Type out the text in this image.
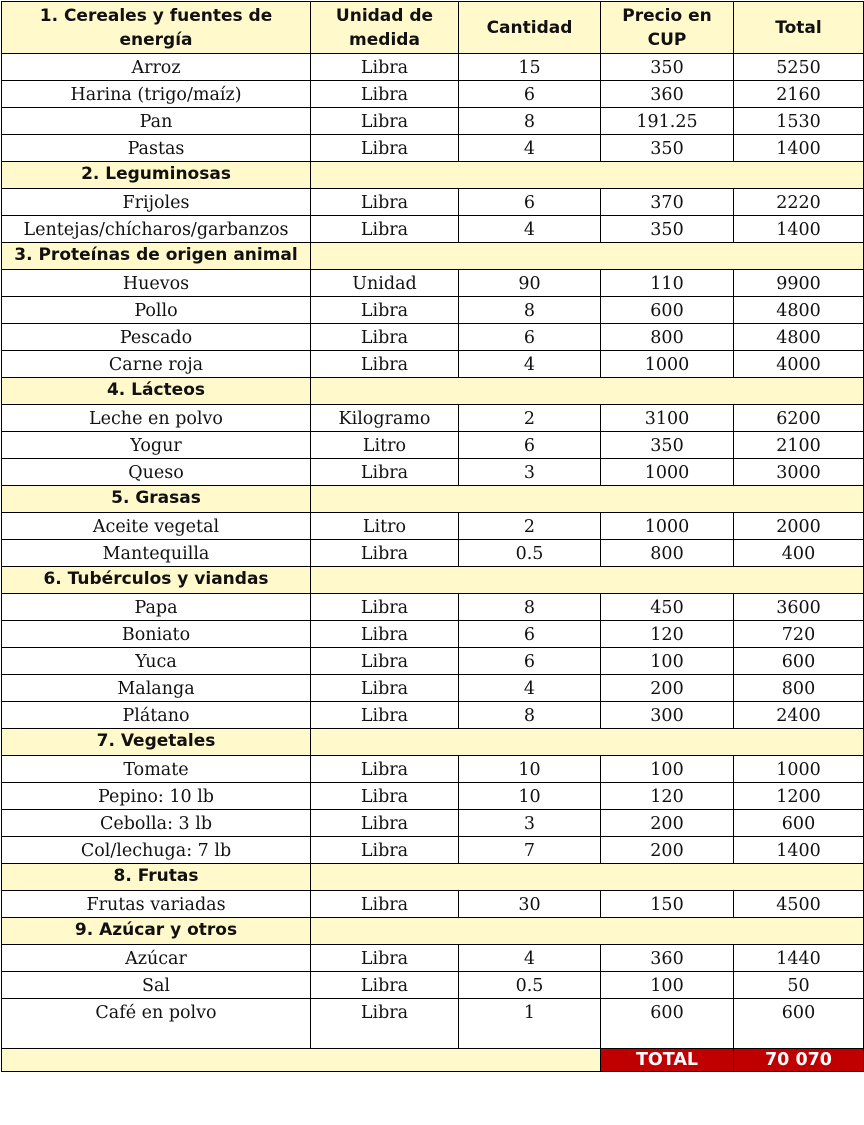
1. Cereales y fuentes de energía	Unidad de medida	Cantidad	Precio en CUP	Total
Arroz	Libra	15	350	5250
Harina (trigo/maíz)	Libra	6	360	2160
Pan	Libra	8	191.25	1530
Pastas	Libra	4	350	1400
2. Leguminosas				
Frijoles	Libra	6	370	2220
Lentejas/chícharos/garbanzos	Libra	4	350	1400
3. Proteínas de origen animal				
Huevos	Unidad	90	110	9900
Pollo	Libra	8	600	4800
Pescado	Libra	6	800	4800
Carne roja	Libra	4	1000	4000
4. Lácteos				
Leche en polvo	Kilogramo	2	3100	6200
Yogur	Litro	6	350	2100
Queso	Libra	3	1000	3000
5. Grasas				
Aceite vegetal	Litro	2	1000	2000
Mantequilla	Libra	0.5	800	400
6. Tubérculos y viandas				
Papa	Libra	8	450	3600
Boniato	Libra	6	120	720
Yuca	Libra	6	100	600
Malanga	Libra	4	200	800
Plátano	Libra	8	300	2400
7. Vegetales				
Tomate	Libra	10	100	1000
Pepino: 10 lb	Libra	10	120	1200
Cebolla: 3 lb	Libra	3	200	600
Col/lechuga: 7 lb	Libra	7	200	1400
8. Frutas				
Frutas variadas	Libra	30	150	4500
9. Azúcar y otros				
Azúcar	Libra	4	360	1440
Sal	Libra	0.5	100	50
Café en polvo	Libra	1	600	600
			TOTAL	70 070
